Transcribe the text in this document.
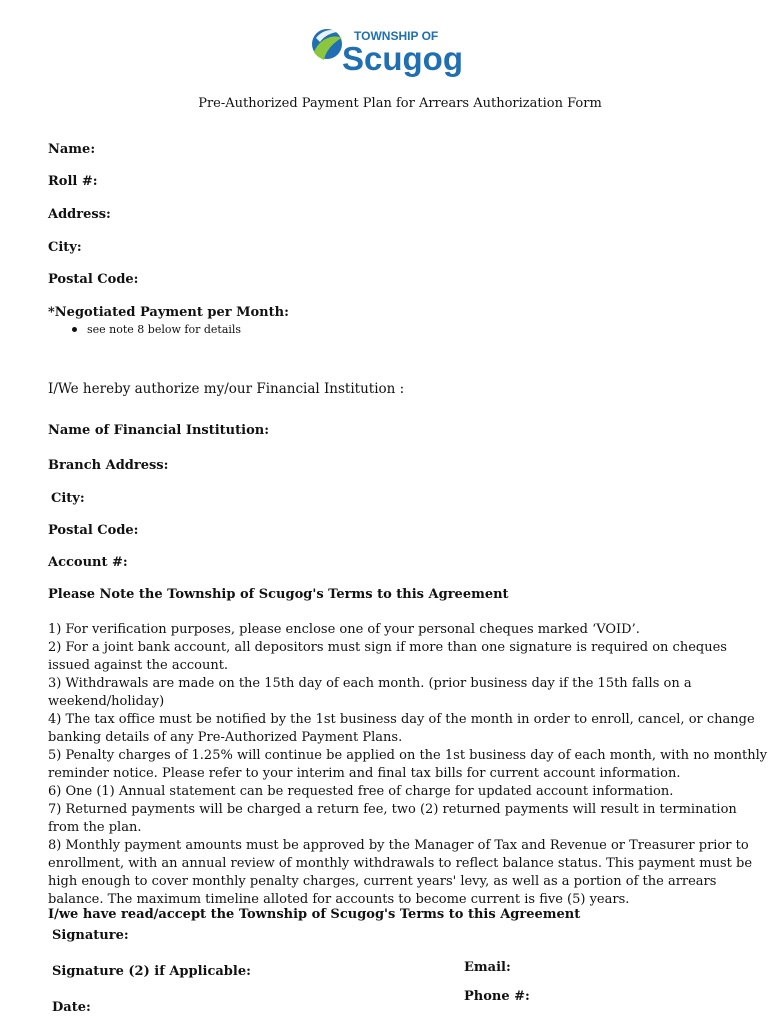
TOWNSHIP OF
Scugog
Pre-Authorized Payment Plan for Arrears Authorization Form
Name:
Roll #:
Address:
City:
Postal Code:
*Negotiated Payment per Month:
see note 8 below for details
I/We hereby authorize my/our Financial Institution :
Name of Financial Institution:
Branch Address:
City:
Postal Code:
Account #:
Please Note the Township of Scugog's Terms to this Agreement
1) For verification purposes, please enclose one of your personal cheques marked ‘VOID’.
2) For a joint bank account, all depositors must sign if more than one signature is required on cheques issued against the account.
3) Withdrawals are made on the 15th day of each month. (prior business day if the 15th falls on a weekend/holiday)
4) The tax office must be notified by the 1st business day of the month in order to enroll, cancel, or change banking details of any Pre-Authorized Payment Plans.
5) Penalty charges of 1.25% will continue be applied on the 1st business day of each month, with no monthly reminder notice. Please refer to your interim and final tax bills for current account information.
6) One (1) Annual statement can be requested free of charge for updated account information.
7) Returned payments will be charged a return fee, two (2) returned payments will result in termination from the plan.
8) Monthly payment amounts must be approved by the Manager of Tax and Revenue or Treasurer prior to enrollment, with an annual review of monthly withdrawals to reflect balance status. This payment must be high enough to cover monthly penalty charges, current years' levy, as well as a portion of the arrears balance. The maximum timeline alloted for accounts to become current is five (5) years.
I/we have read/accept the Township of Scugog's Terms to this Agreement
Signature:
Signature (2) if Applicable:
Date:
Email:
Phone #:
